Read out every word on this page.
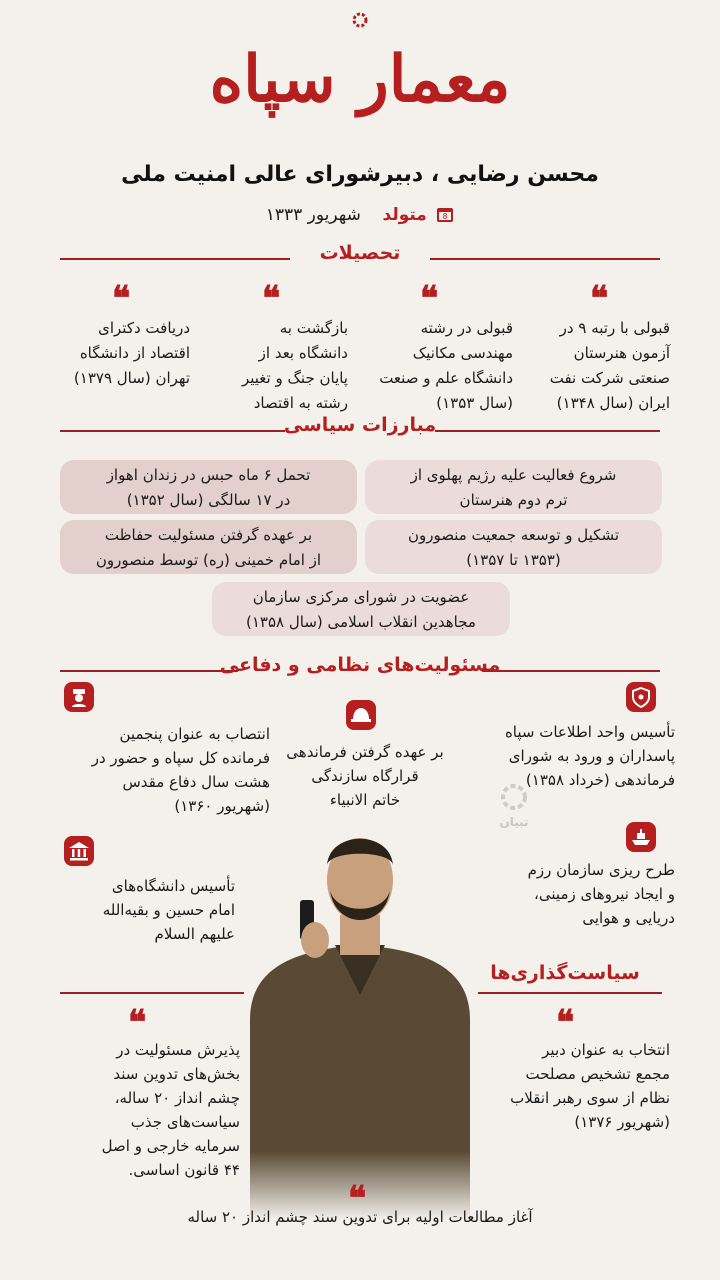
معمار سپاه
محسن رضایی ، دبیرشورای عالی امنیت ملی
8
متولد    شهریور ۱۳۳۳
تحصیلات
❝
❝
❝
❝
قبولی با رتبه ۹ در
آزمون هنرستان
صنعتی شرکت نفت
ایران (سال ۱۳۴۸)
قبولی در رشته
مهندسی مکانیک
دانشگاه علم و صنعت
(سال ۱۳۵۳)
بازگشت به
دانشگاه بعد از
پایان جنگ و تغییر
رشته به اقتصاد
دریافت دکترای
اقتصاد از دانشگاه
تهران (سال ۱۳۷۹)
مبارزات سیاسی
شروع فعالیت علیه رژیم پهلوی از
ترم دوم هنرستان
تحمل ۶ ماه حبس در زندان اهواز
در ۱۷ سالگی (سال ۱۳۵۲)
تشکیل و توسعه جمعیت منصورون
(۱۳۵۳ تا ۱۳۵۷)
بر عهده گرفتن مسئولیت حفاظت
از امام خمینی (ره) توسط منصورون
عضویت در شورای مرکزی سازمان
مجاهدین انقلاب اسلامی (سال ۱۳۵۸)
مسئولیت‌های نظامی و دفاعی
تأسیس واحد اطلاعات سپاه
پاسداران و ورود به شورای
فرماندهی (خرداد ۱۳۵۸)
بر عهده گرفتن فرماندهی
قرارگاه سازندگی
خاتم الانبیاء
انتصاب به عنوان پنجمین
فرمانده کل سپاه و حضور در
هشت سال دفاع مقدس
(شهریور ۱۳۶۰)
تبیان
طرح ریزی سازمان رزم
و ایجاد نیروهای زمینی،
دریایی و هوایی
تأسیس دانشگاه‌های
امام حسین و بقیه‌الله
علیهم السلام
سیاست‌گذاری‌ها
❝
انتخاب به عنوان دبیر
مجمع تشخیص مصلحت
نظام از سوی رهبر انقلاب
(شهریور ۱۳۷۶)
❝
پذیرش مسئولیت در
بخش‌های تدوین سند
چشم انداز ۲۰ ساله،
سیاست‌های جذب
سرمایه خارجی و اصل
۴۴ قانون اساسی.
❝
آغاز مطالعات اولیه برای تدوین سند چشم انداز ۲۰ ساله
